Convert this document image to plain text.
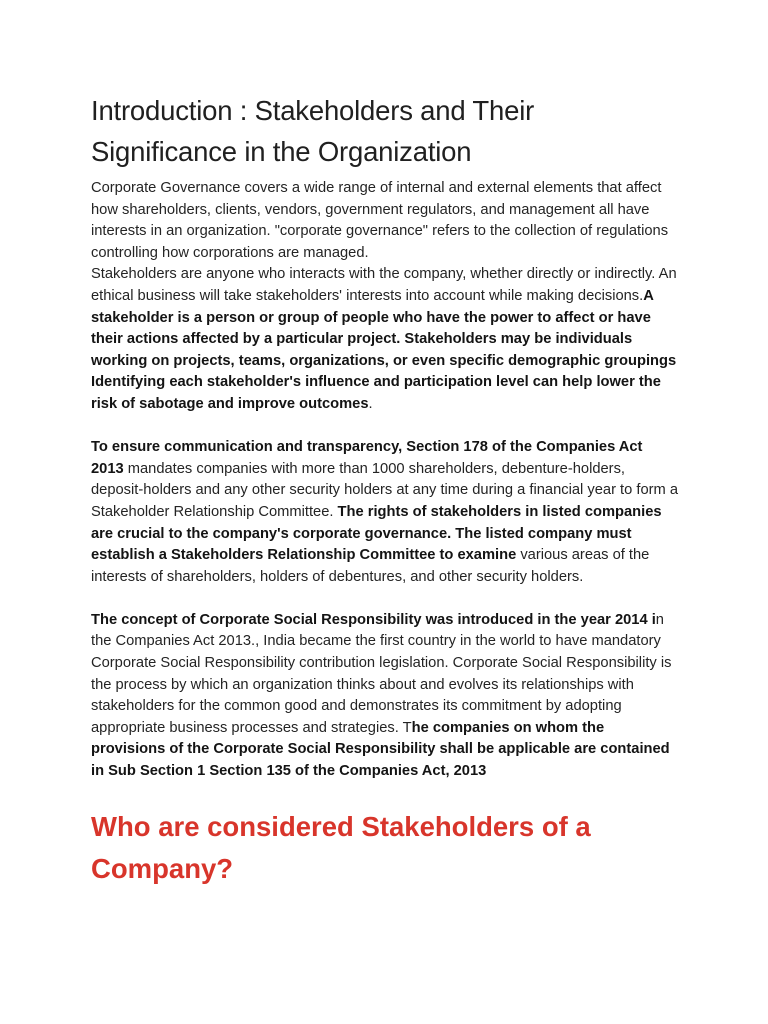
Introduction : Stakeholders and Their Significance in the Organization

Corporate Governance covers a wide range of internal and external elements that affect how shareholders, clients, vendors, government regulators, and management all have interests in an organization. "corporate governance" refers to the collection of regulations controlling how corporations are managed.

Stakeholders are anyone who interacts with the company, whether directly or indirectly. An ethical business will take stakeholders' interests into account while making decisions.A stakeholder is a person or group of people who have the power to affect or have their actions affected by a particular project. Stakeholders may be individuals working on projects, teams, organizations, or even specific demographic groupings Identifying each stakeholder's influence and participation level can help lower the risk of sabotage and improve outcomes.

To ensure communication and transparency, Section 178 of the Companies Act 2013 mandates companies with more than 1000 shareholders, debenture-holders, deposit-holders and any other security holders at any time during a financial year to form a Stakeholder Relationship Committee. The rights of stakeholders in listed companies are crucial to the company's corporate governance. The listed company must establish a Stakeholders Relationship Committee to examine various areas of the interests of shareholders, holders of debentures, and other security holders.

The concept of Corporate Social Responsibility was introduced in the year 2014 in the Companies Act 2013., India became the first country in the world to have mandatory Corporate Social Responsibility contribution legislation. Corporate Social Responsibility is the process by which an organization thinks about and evolves its relationships with stakeholders for the common good and demonstrates its commitment by adopting appropriate business processes and strategies. The companies on whom the provisions of the Corporate Social Responsibility shall be applicable are contained in Sub Section 1 Section 135 of the Companies Act, 2013

Who are considered Stakeholders of a Company?
